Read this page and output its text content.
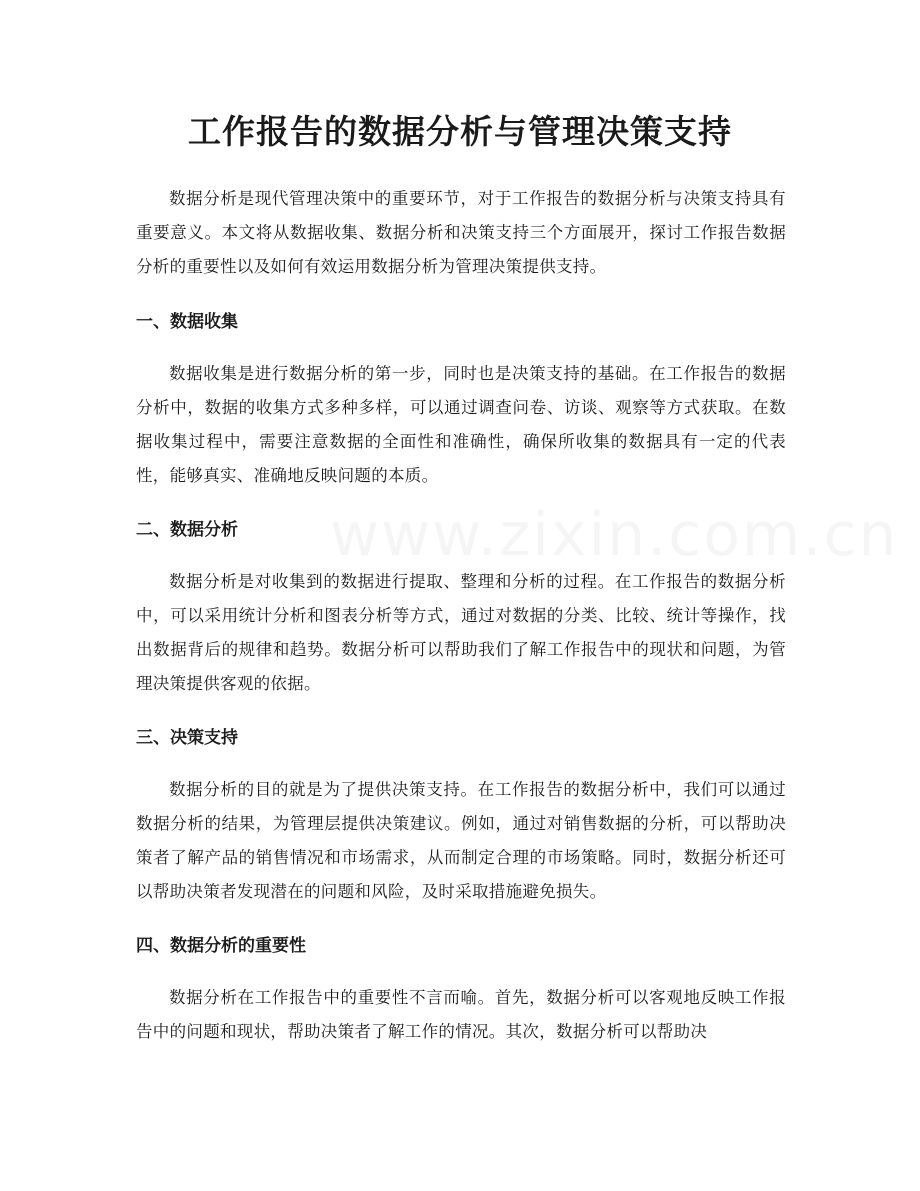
工作报告的数据分析与管理决策支持

数据分析是现代管理决策中的重要环节，对于工作报告的数据分析与决策支持具有重要意义。本文将从数据收集、数据分析和决策支持三个方面展开，探讨工作报告数据分析的重要性以及如何有效运用数据分析为管理决策提供支持。

一、数据收集

数据收集是进行数据分析的第一步，同时也是决策支持的基础。在工作报告的数据分析中，数据的收集方式多种多样，可以通过调查问卷、访谈、观察等方式获取。在数据收集过程中，需要注意数据的全面性和准确性，确保所收集的数据具有一定的代表性，能够真实、准确地反映问题的本质。

二、数据分析

数据分析是对收集到的数据进行提取、整理和分析的过程。在工作报告的数据分析中，可以采用统计分析和图表分析等方式，通过对数据的分类、比较、统计等操作，找出数据背后的规律和趋势。数据分析可以帮助我们了解工作报告中的现状和问题，为管理决策提供客观的依据。

三、决策支持

数据分析的目的就是为了提供决策支持。在工作报告的数据分析中，我们可以通过数据分析的结果，为管理层提供决策建议。例如，通过对销售数据的分析，可以帮助决策者了解产品的销售情况和市场需求，从而制定合理的市场策略。同时，数据分析还可以帮助决策者发现潜在的问题和风险，及时采取措施避免损失。

四、数据分析的重要性

数据分析在工作报告中的重要性不言而喻。首先，数据分析可以客观地反映工作报告中的问题和现状，帮助决策者了解工作的情况。其次，数据分析可以帮助决
